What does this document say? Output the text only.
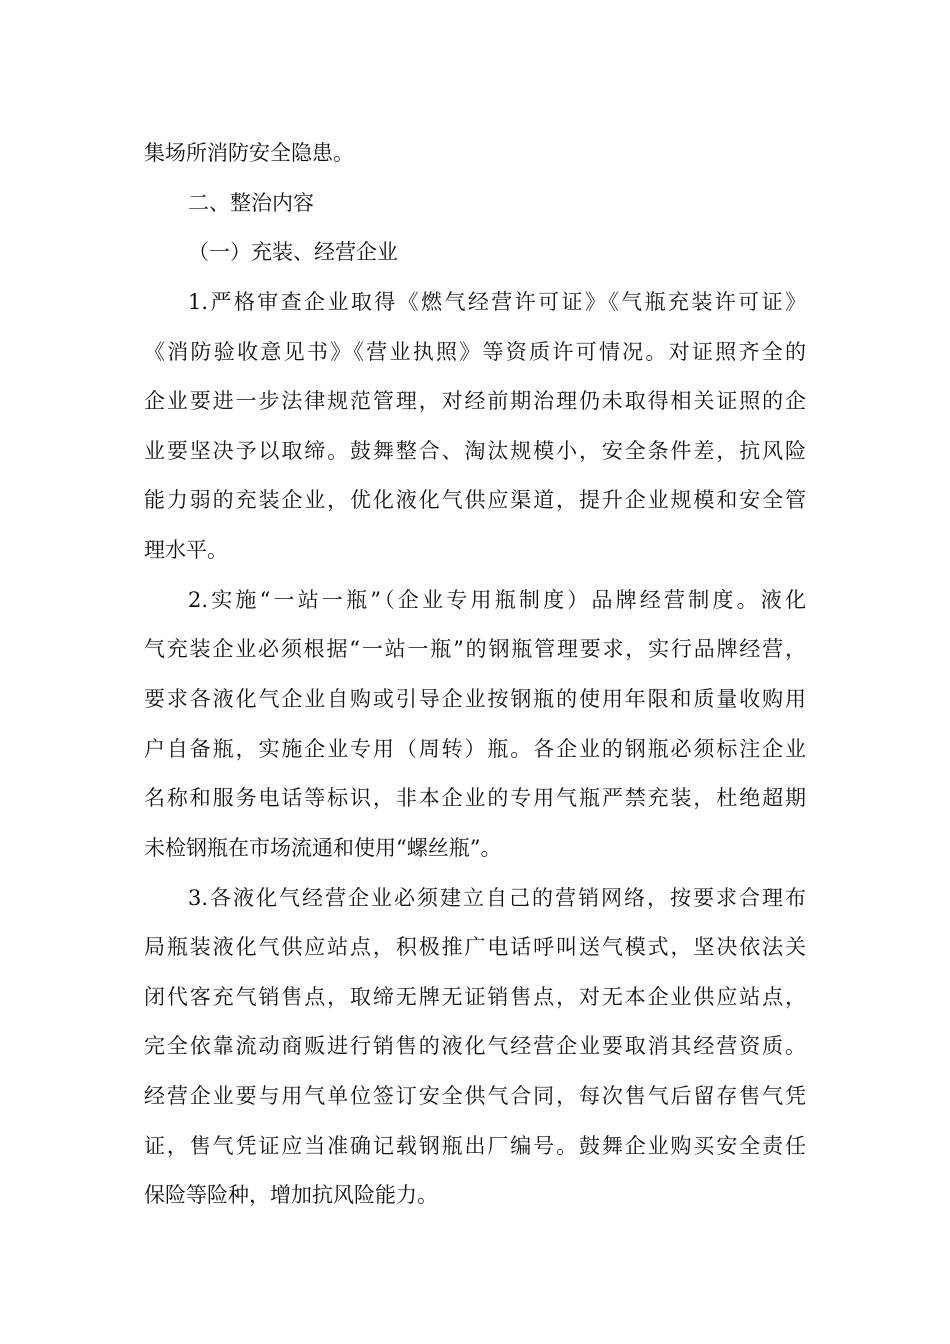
集场所消防安全隐患。
二、整治内容
（一）充装、经营企业
1.严格审查企业取得《燃气经营许可证》《气瓶充装许可证》
《消防验收意见书》《营业执照》等资质许可情况。对证照齐全的
企业要进一步法律规范管理，对经前期治理仍未取得相关证照的企
业要坚决予以取缔。鼓舞整合、淘汰规模小，安全条件差，抗风险
能力弱的充装企业，优化液化气供应渠道，提升企业规模和安全管
理水平。
2.实施“一站一瓶”（企业专用瓶制度）品牌经营制度。液化
气充装企业必须根据“一站一瓶”的钢瓶管理要求，实行品牌经营，
要求各液化气企业自购或引导企业按钢瓶的使用年限和质量收购用
户自备瓶，实施企业专用（周转）瓶。各企业的钢瓶必须标注企业
名称和服务电话等标识，非本企业的专用气瓶严禁充装，杜绝超期
未检钢瓶在市场流通和使用“螺丝瓶”。
3.各液化气经营企业必须建立自己的营销网络，按要求合理布
局瓶装液化气供应站点，积极推广电话呼叫送气模式，坚决依法关
闭代客充气销售点，取缔无牌无证销售点，对无本企业供应站点，
完全依靠流动商贩进行销售的液化气经营企业要取消其经营资质。
经营企业要与用气单位签订安全供气合同，每次售气后留存售气凭
证，售气凭证应当准确记载钢瓶出厂编号。鼓舞企业购买安全责任
保险等险种，增加抗风险能力。
